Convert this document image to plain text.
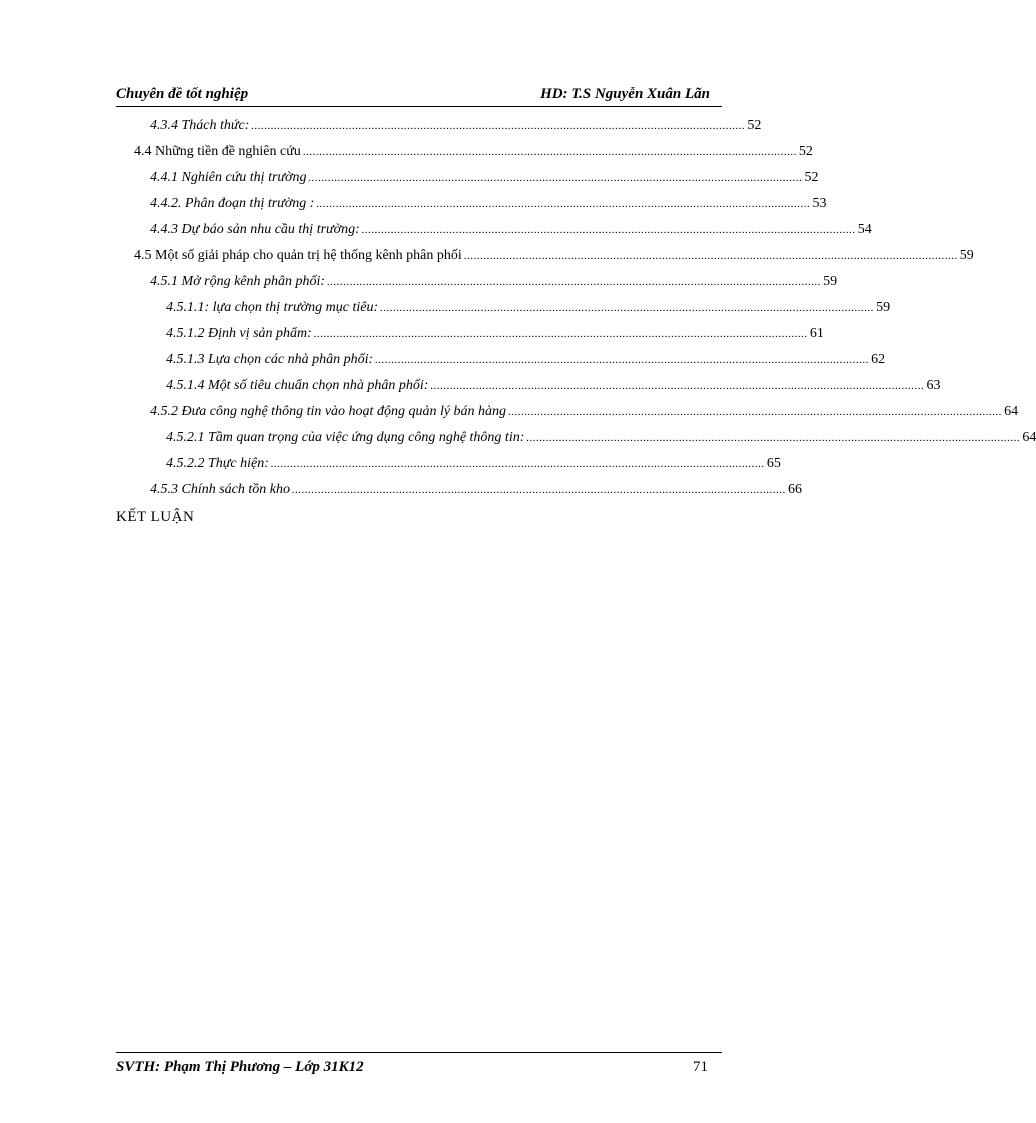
Chuyên đề tốt nghiệp	HD: T.S Nguyễn Xuân Lãn
4.3.4 Thách thức: ........................................................................................................................................................ 52
4.4 Những tiền đề nghiên cứu ........................................................................................................................................................ 52
4.4.1 Nghiên cứu thị trường ........................................................................................................................................................ 52
4.4.2. Phân đoạn thị trường : ........................................................................................................................................................ 53
4.4.3 Dự báo sản nhu cầu thị trường: ........................................................................................................................................................ 54
4.5 Một số giải pháp cho quản trị hệ thống kênh phân phối ........................................................................................................................................................ 59
4.5.1 Mở rộng kênh phân phối: ........................................................................................................................................................ 59
4.5.1.1: lựa chọn thị trường mục tiêu: ........................................................................................................................................................ 59
4.5.1.2 Định vị sản phẩm: ........................................................................................................................................................ 61
4.5.1.3 Lựa chọn các nhà phân phối: ........................................................................................................................................................ 62
4.5.1.4 Một số tiêu chuẩn chọn nhà phân phối: ........................................................................................................................................................ 63
4.5.2 Đưa công nghệ thông tin vào hoạt động quản lý bán hàng ........................................................................................................................................................ 64
4.5.2.1 Tầm quan trọng của việc ứng dụng công nghệ thông tin: ........................................................................................................................................................ 64
4.5.2.2 Thực hiện: ........................................................................................................................................................ 65
4.5.3 Chính sách tồn kho ........................................................................................................................................................ 66
KẾT LUẬN
SVTH: Phạm Thị Phương – Lớp 31K12	71
